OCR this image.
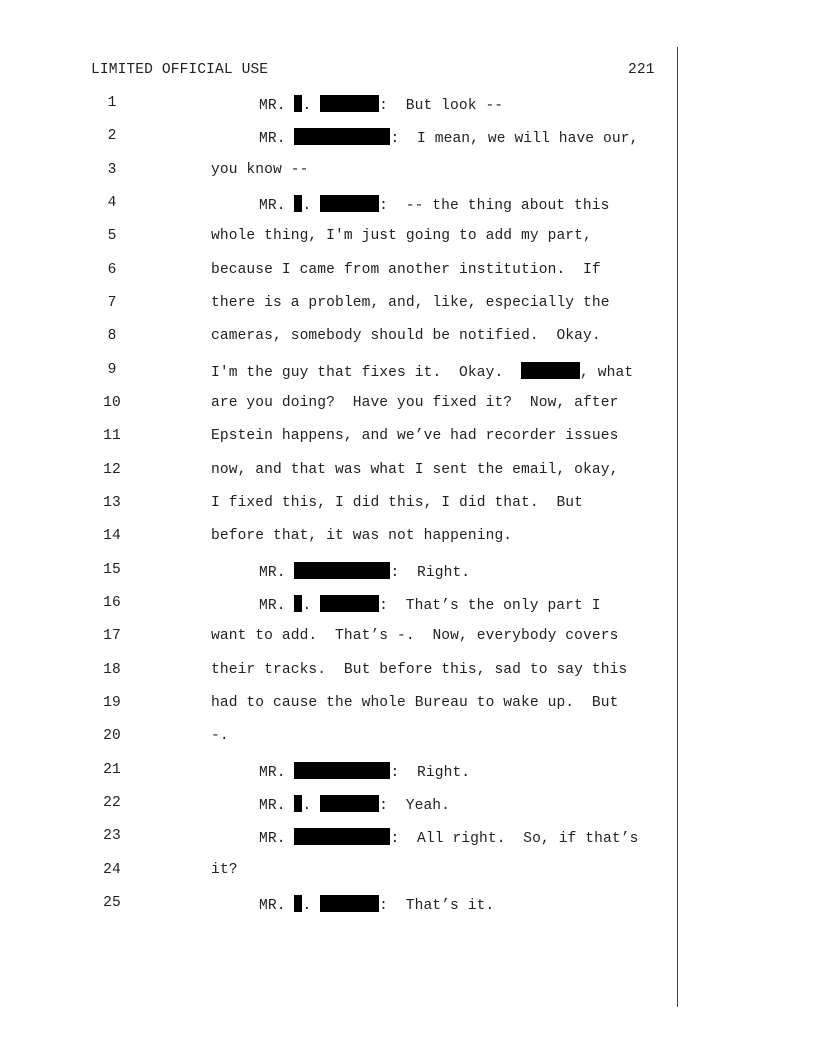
LIMITED OFFICIAL USE	221
1	MR. .	:  But look --
2	MR.	:  I mean, we will have our,
3	you know --
4	MR. .	:  -- the thing about this
5	whole thing, I'm just going to add my part,
6	because I came from another institution.  If
7	there is a problem, and, like, especially the
8	cameras, somebody should be notified.  Okay.
9	I'm the guy that fixes it.  Okay.	, what
10	are you doing?  Have you fixed it?  Now, after
11	Epstein happens, and we’ve had recorder issues
12	now, and that was what I sent the email, okay,
13	I fixed this, I did this, I did that.  But
14	before that, it was not happening.
15	MR.	:  Right.
16	MR. .	:  That’s the only part I
17	want to add.  That’s -.  Now, everybody covers
18	their tracks.  But before this, sad to say this
19	had to cause the whole Bureau to wake up.  But
20	-.
21	MR.	:  Right.
22	MR. .	:  Yeah.
23	MR.	:  All right.  So, if that’s
24	it?
25	MR. .	:  That’s it.
